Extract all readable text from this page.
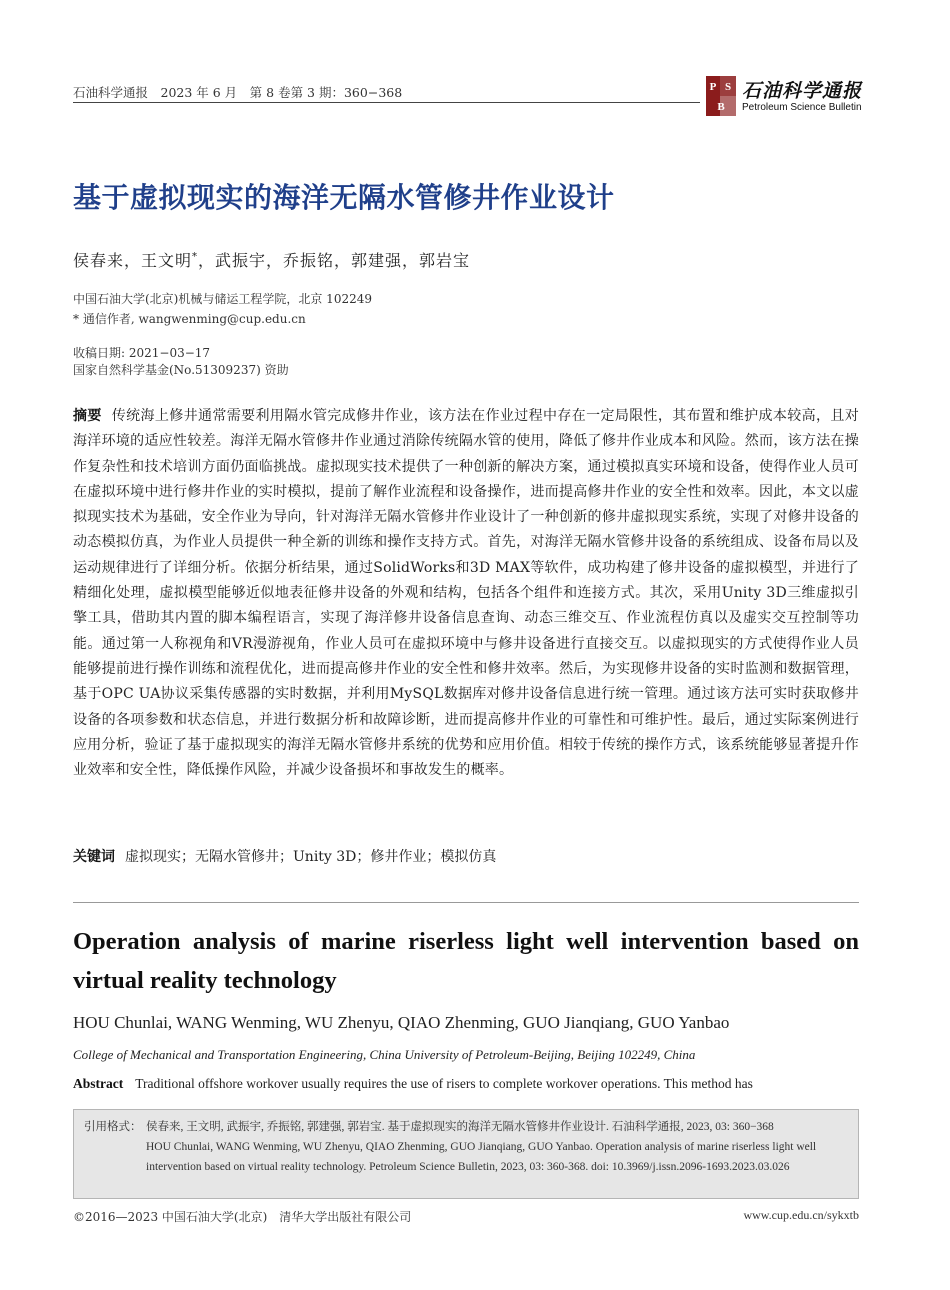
石油科学通报　2023 年 6 月　第 8 卷第 3 期：360−368	P S
B
石油科学通报
Petroleum Science Bulletin
基于虚拟现实的海洋无隔水管修井作业设计
侯春来，王文明*，武振宇，乔振铭，郭建强，郭岩宝
中国石油大学(北京)机械与储运工程学院，北京 102249
* 通信作者, wangwenming@cup.edu.cn
收稿日期: 2021−03−17
国家自然科学基金(No.51309237) 资助
摘要 传统海上修井通常需要利用隔水管完成修井作业，该方法在作业过程中存在一定局限性，其布置和维护成本较高，且对海洋环境的适应性较差。海洋无隔水管修井作业通过消除传统隔水管的使用，降低了修井作业成本和风险。然而，该方法在操作复杂性和技术培训方面仍面临挑战。虚拟现实技术提供了一种创新的解决方案，通过模拟真实环境和设备，使得作业人员可在虚拟环境中进行修井作业的实时模拟，提前了解作业流程和设备操作，进而提高修井作业的安全性和效率。因此，本文以虚拟现实技术为基础，安全作业为导向，针对海洋无隔水管修井作业设计了一种创新的修井虚拟现实系统，实现了对修井设备的动态模拟仿真，为作业人员提供一种全新的训练和操作支持方式。首先，对海洋无隔水管修井设备的系统组成、设备布局以及运动规律进行了详细分析。依据分析结果，通过SolidWorks和3D MAX等软件，成功构建了修井设备的虚拟模型，并进行了精细化处理，虚拟模型能够近似地表征修井设备的外观和结构，包括各个组件和连接方式。其次，采用Unity 3D三维虚拟引擎工具，借助其内置的脚本编程语言，实现了海洋修井设备信息查询、动态三维交互、作业流程仿真以及虚实交互控制等功能。通过第一人称视角和VR漫游视角，作业人员可在虚拟环境中与修井设备进行直接交互。以虚拟现实的方式使得作业人员能够提前进行操作训练和流程优化，进而提高修井作业的安全性和修井效率。然后，为实现修井设备的实时监测和数据管理，基于OPC UA协议采集传感器的实时数据，并利用MySQL数据库对修井设备信息进行统一管理。通过该方法可实时获取修井设备的各项参数和状态信息，并进行数据分析和故障诊断，进而提高修井作业的可靠性和可维护性。最后，通过实际案例进行应用分析，验证了基于虚拟现实的海洋无隔水管修井系统的优势和应用价值。相较于传统的操作方式，该系统能够显著提升作业效率和安全性，降低操作风险，并减少设备损坏和事故发生的概率。
关键词 虚拟现实；无隔水管修井；Unity 3D；修井作业；模拟仿真
Operation analysis of marine riserless light well intervention based on virtual reality technology
HOU Chunlai, WANG Wenming, WU Zhenyu, QIAO Zhenming, GUO Jianqiang, GUO Yanbao
College of Mechanical and Transportation Engineering, China University of Petroleum-Beijing, Beijing 102249, China
Abstract Traditional offshore workover usually requires the use of risers to complete workover operations. This method has
引用格式： 侯春来, 王文明, 武振宇, 乔振铭, 郭建强, 郭岩宝. 基于虚拟现实的海洋无隔水管修井作业设计. 石油科学通报, 2023, 03: 360−368
HOU Chunlai, WANG Wenming, WU Zhenyu, QIAO Zhenming, GUO Jianqiang, GUO Yanbao. Operation analysis of marine riserless light well intervention based on virtual reality technology. Petroleum Science Bulletin, 2023, 03: 360-368. doi: 10.3969/j.issn.2096-1693.2023.03.026
©2016—2023 中国石油大学(北京)　清华大学出版社有限公司	www.cup.edu.cn/sykxtb
